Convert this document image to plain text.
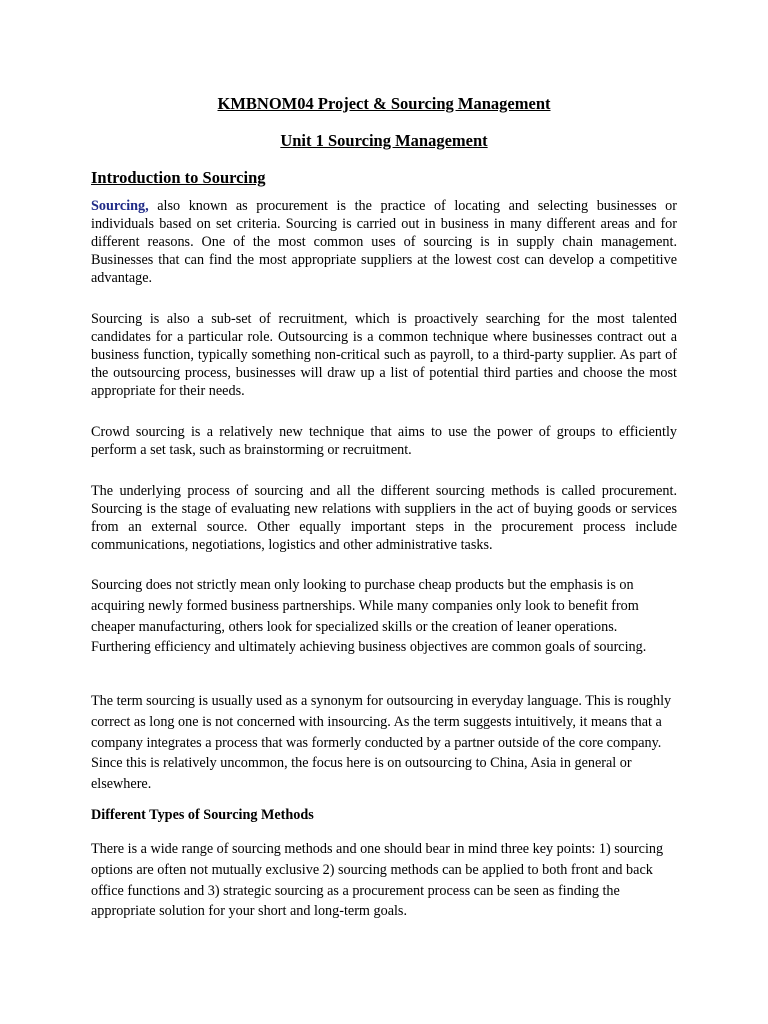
KMBNOM04 Project & Sourcing Management
Unit 1 Sourcing Management
Introduction to Sourcing

Sourcing, also known as procurement is the practice of locating and selecting businesses or individuals based on set criteria. Sourcing is carried out in business in many different areas and for different reasons. One of the most common uses of sourcing is in supply chain management. Businesses that can find the most appropriate suppliers at the lowest cost can develop a competitive advantage.

Sourcing is also a sub-set of recruitment, which is proactively searching for the most talented candidates for a particular role. Outsourcing is a common technique where businesses contract out a business function, typically something non-critical such as payroll, to a third-party supplier. As part of the outsourcing process, businesses will draw up a list of potential third parties and choose the most appropriate for their needs.

Crowd sourcing is a relatively new technique that aims to use the power of groups to efficiently perform a set task, such as brainstorming or recruitment.

The underlying process of sourcing and all the different sourcing methods is called procurement. Sourcing is the stage of evaluating new relations with suppliers in the act of buying goods or services from an external source. Other equally important steps in the procurement process include communications, negotiations, logistics and other administrative tasks.

Sourcing does not strictly mean only looking to purchase cheap products but the emphasis is on acquiring newly formed business partnerships. While many companies only look to benefit from cheaper manufacturing, others look for specialized skills or the creation of leaner operations. Furthering efficiency and ultimately achieving business objectives are common goals of sourcing.

The term sourcing is usually used as a synonym for outsourcing in everyday language. This is roughly correct as long one is not concerned with insourcing. As the term suggests intuitively, it means that a company integrates a process that was formerly conducted by a partner outside of the core company. Since this is relatively uncommon, the focus here is on outsourcing to China, Asia in general or elsewhere.

Different Types of Sourcing Methods

There is a wide range of sourcing methods and one should bear in mind three key points: 1) sourcing options are often not mutually exclusive 2) sourcing methods can be applied to both front and back office functions and 3) strategic sourcing as a procurement process can be seen as finding the appropriate solution for your short and long-term goals.
